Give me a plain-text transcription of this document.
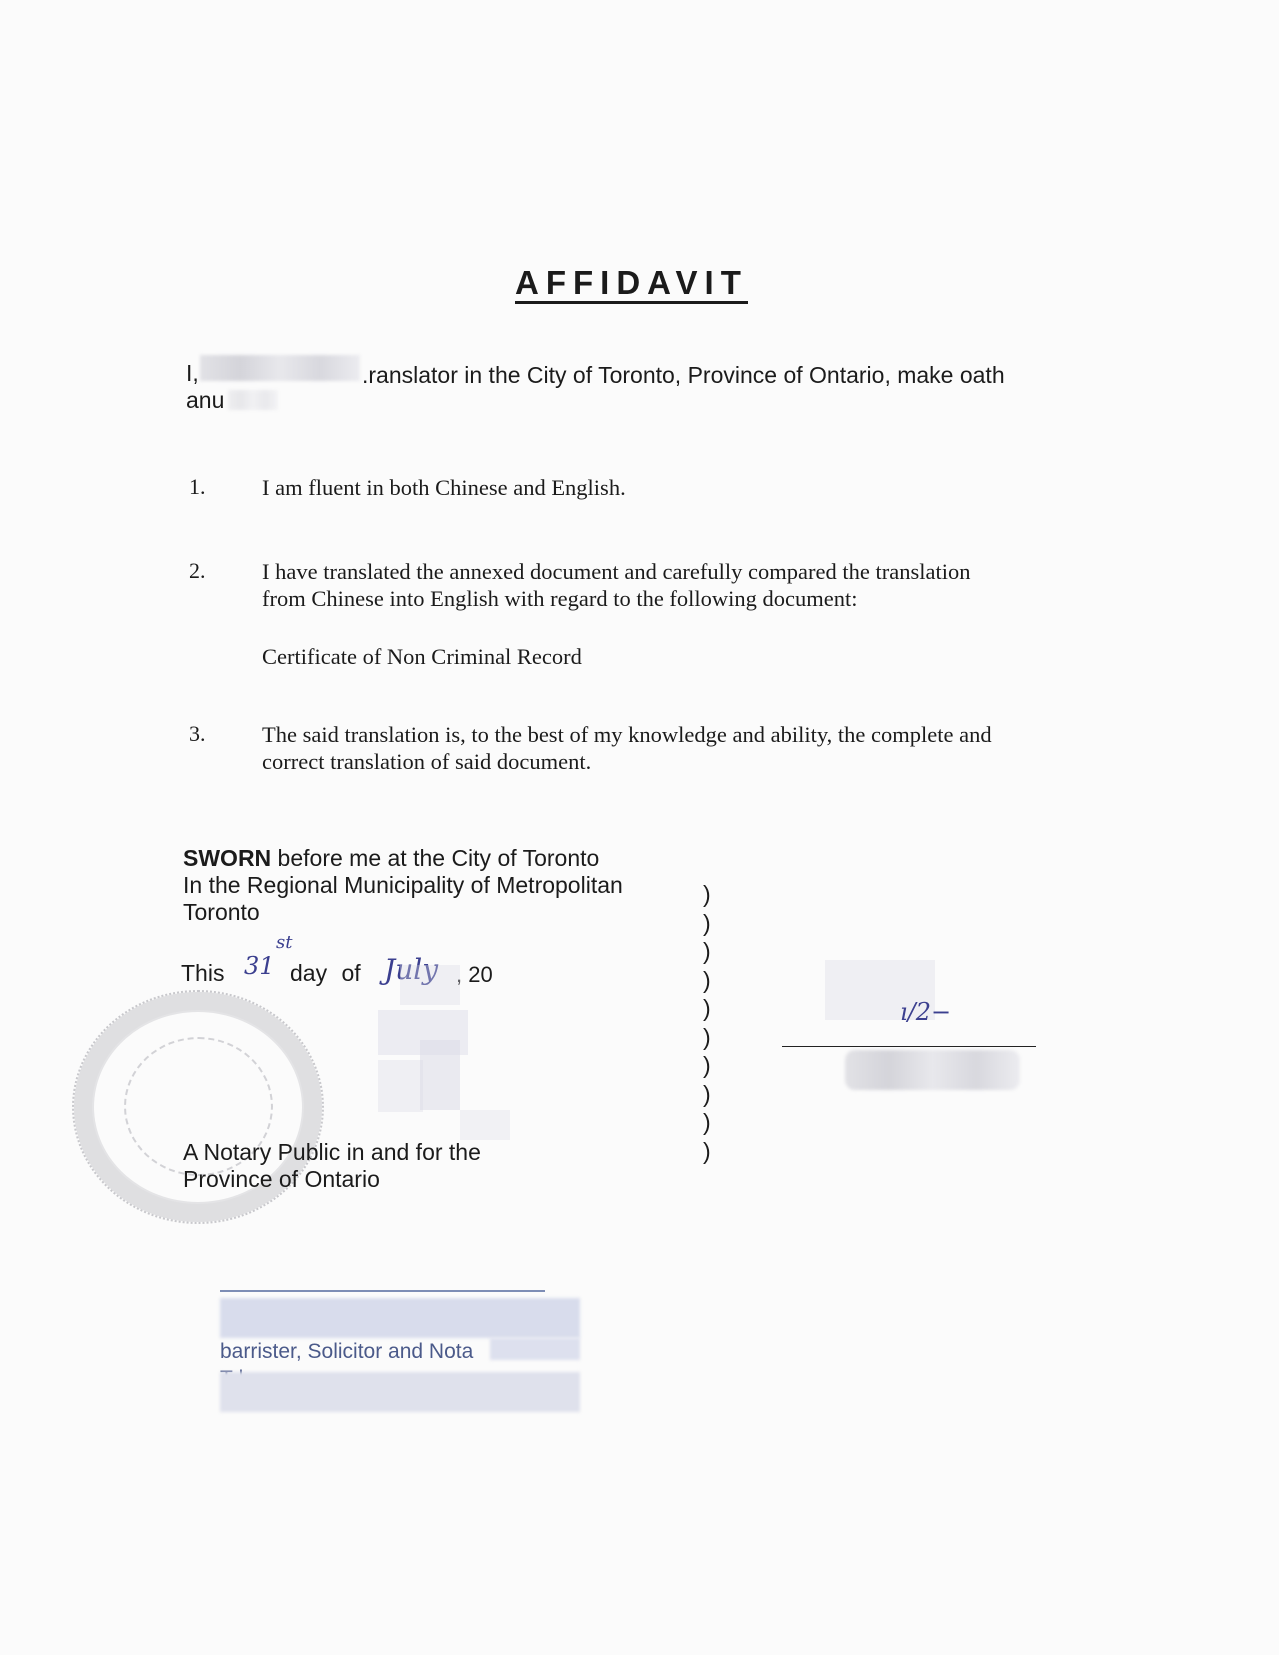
AFFIDAVIT
I,	.ranslator in the City of Toronto, Province of Ontario, make oath
anu
1.	I am fluent in both Chinese and English.
2.	I have translated the annexed document and carefully compared the translation
from Chinese into English with regard to the following document:
Certificate of Non Criminal Record
3.	The said translation is, to the best of my knowledge and ability, the complete and
correct translation of said document.
SWORN before me at the City of Toronto
In the Regional Municipality of Metropolitan
Toronto
This 31
st
day of July , 20
A Notary Public in and for the
Province of Ontario
)
)
)
)
)
)
)
)
)
)
ı/2−
barrister, Solicitor and Nota
